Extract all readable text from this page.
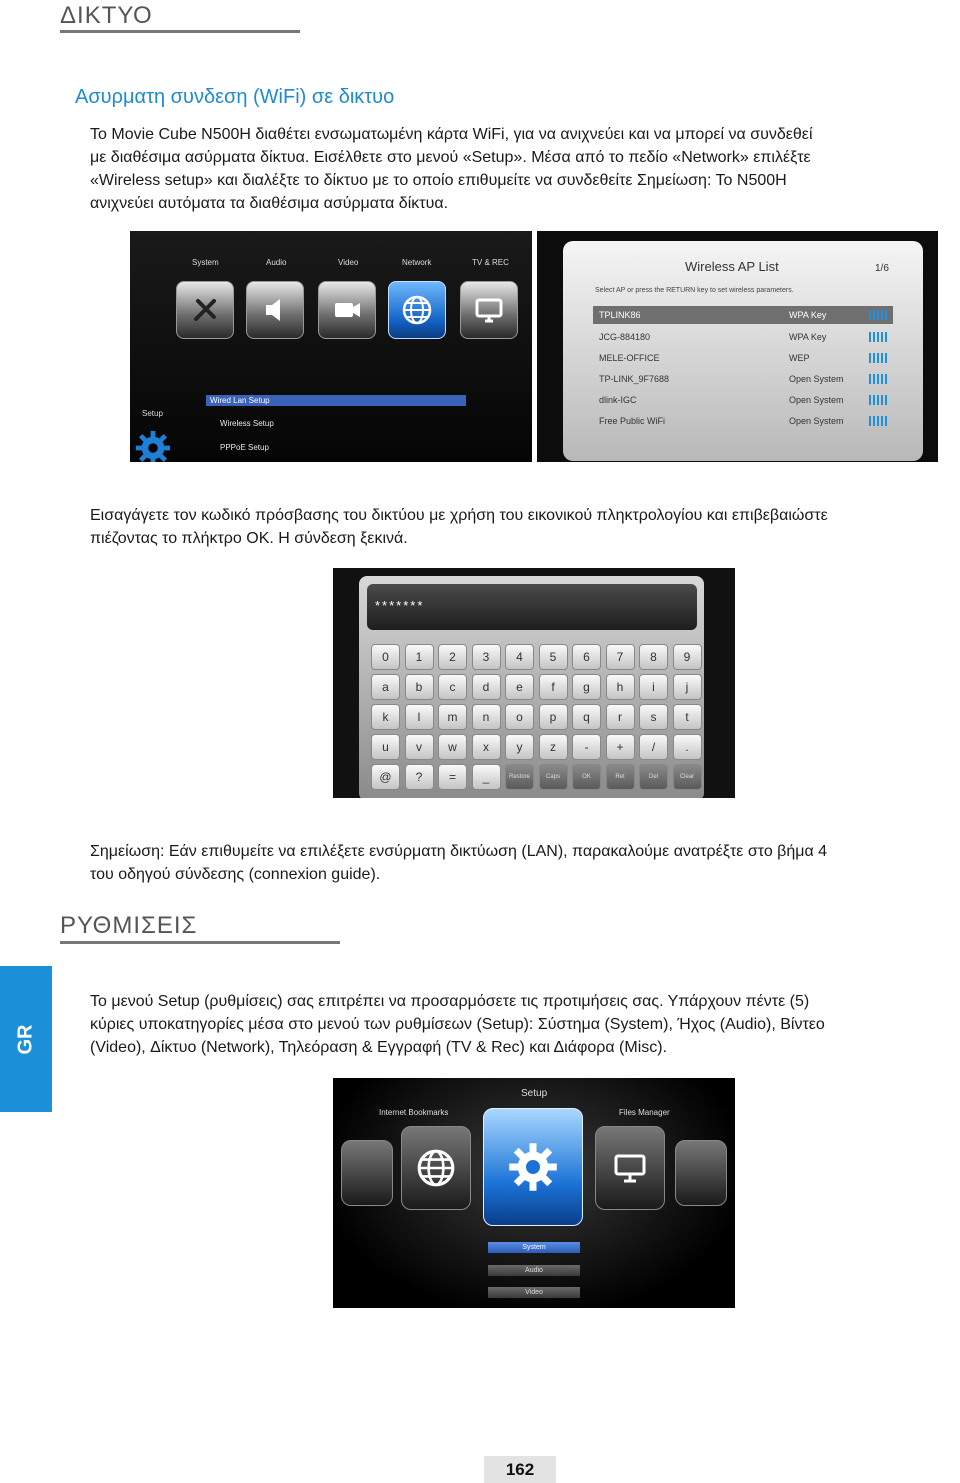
ΔΙΚΤΥΟ
Ασυρματη συνδεση (WiFi) σε δικτυο
Το Movie Cube N500H διαθέτει ενσωματωμένη κάρτα WiFi, για να ανιχνεύει και να μπορεί να συνδεθεί
με διαθέσιμα ασύρματα δίκτυα. Εισέλθετε στο μενού «Setup». Μέσα από το πεδίο «Network» επιλέξτε
«Wireless setup» και διαλέξτε το δίκτυο με το οποίο επιθυμείτε να συνδεθείτε Σημείωση: Το N500H
ανιχνεύει αυτόματα τα διαθέσιμα ασύρματα δίκτυα.
System	Audio	Video	Network	TV & REC
Setup
Wired Lan Setup
Wireless Setup
PPPoE Setup
Wireless AP List	1/6
Select AP or press the RETURN key to set wireless parameters.
TPLINK86	WPA Key
JCG-884180	WPA Key
MELE-OFFICE	WEP
TP-LINK_9F7688	Open System
dlink-IGC	Open System
Free Public WiFi	Open System
Εισαγάγετε τον κωδικό πρόσβασης του δικτύου με χρήση του εικονικού πληκτρολογίου και επιβεβαιώστε
πιέζοντας το πλήκτρο OK. Η σύνδεση ξεκινά.
*******
0	1	2	3	4	5	6	7	8	9
a	b	c	d	e	f	g	h	i	j
k	l	m	n	o	p	q	r	s	t
u	v	w	x	y	z	-	+	/	.
@	?	=	_	Restore	Caps	OK	Ret	Del	Clear
Σημείωση: Εάν επιθυμείτε να επιλέξετε ενσύρματη δικτύωση (LAN), παρακαλούμε ανατρέξτε στο βήμα 4
του οδηγού σύνδεσης (connexion guide).
ΡΥΘΜΙΣΕΙΣ
GR
Το μενού Setup (ρυθμίσεις) σας επιτρέπει να προσαρμόσετε τις προτιμήσεις σας. Υπάρχουν πέντε (5)
κύριες υποκατηγορίες μέσα στο μενού των ρυθμίσεων (Setup): Σύστημα (System), Ήχος (Audio), Βίντεο
(Video), Δίκτυο (Network), Τηλεόραση & Εγγραφή (TV & Rec) και Διάφορα (Misc).
Setup
Internet Bookmarks	Files Manager
System
Audio
Video
162
